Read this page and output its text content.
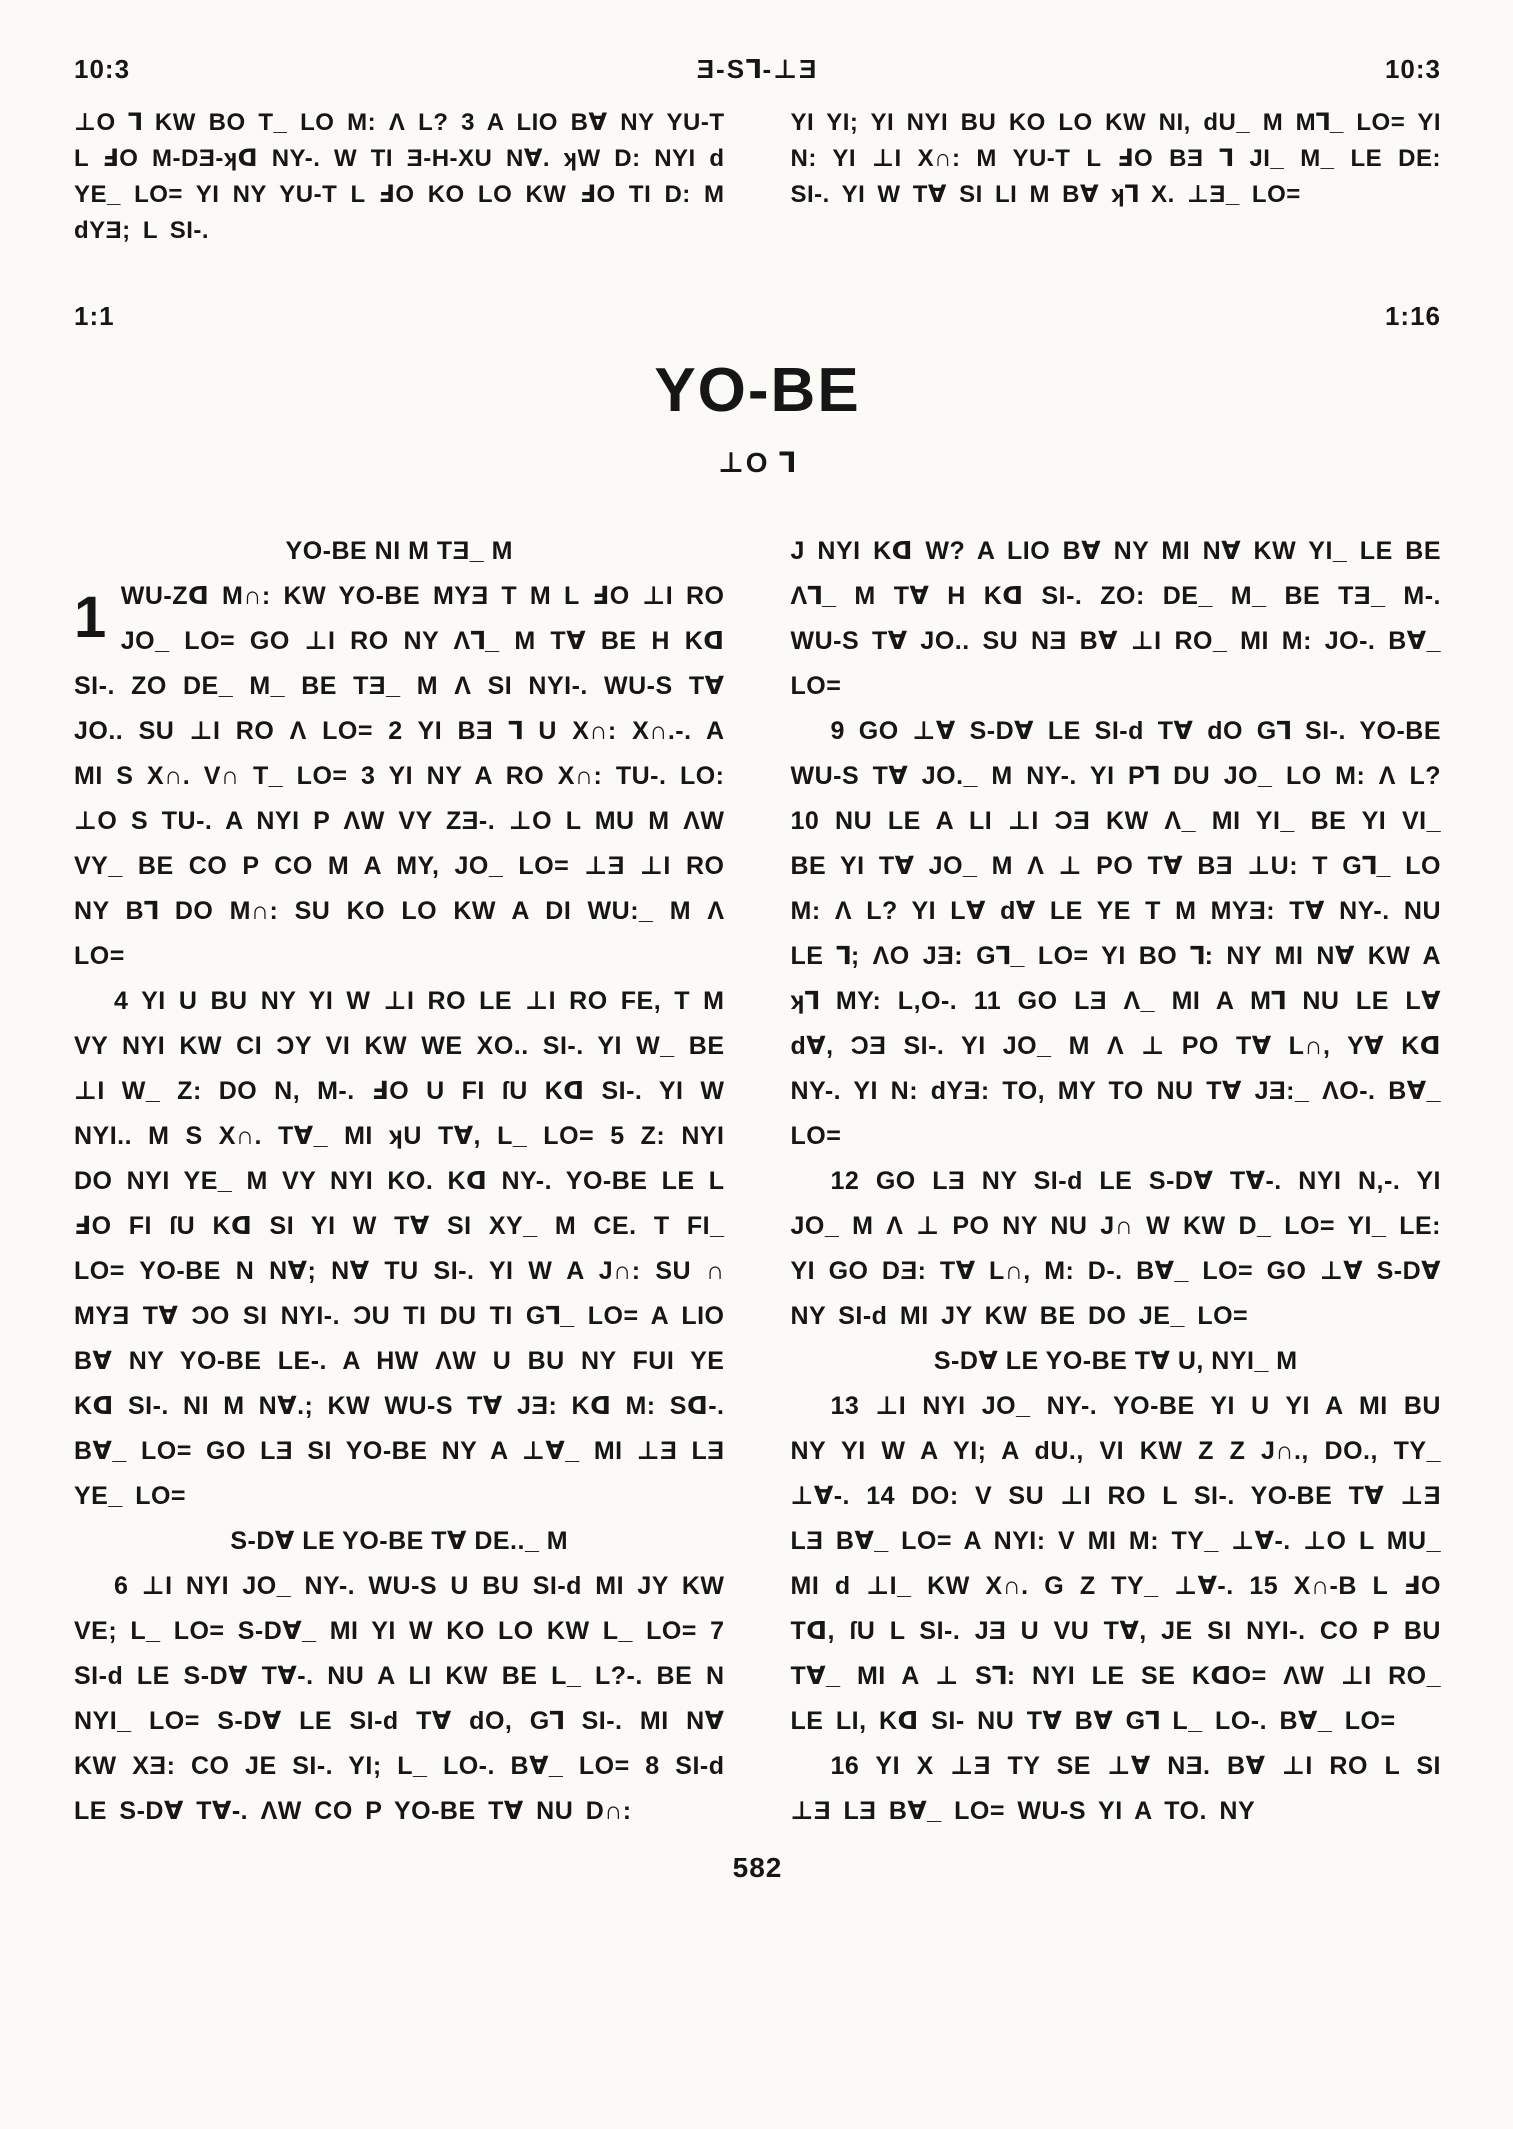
10:3	Ǝ-S⅂-⊥Ǝ	10:3

⊥O ⅂ KW BO T_ LO M: Λ L? 3 A LIO B∀ NY YU-T L ℲO M-DƎ-ʞᗡ NY-. W TI Ǝ-H-XU N∀. ʞW D: NYI d YE_ LO= YI NY YU-T L ℲO KO LO KW ℲO TI D: M dYƎ; L SI-.

YI YI; YI NYI BU KO LO KW NI, dU_ M M⅂_ LO= YI N: YI ⊥I X∩: M YU-T L ℲO BƎ ⅂ JI_ M_ LE DE: SI-. YI W T∀ SI LI M B∀ ʞ⅂ X. ⊥Ǝ_ LO=

1:1	1:16
YO-BE
⊥O ⅂
YO-BE NI M TƎ_ M

1 WU-Zᗡ M∩: KW YO-BE MYƎ T M L ℲO ⊥I RO JO_ LO= GO ⊥I RO NY Λ⅂_ M T∀ BE H Kᗡ SI-. ZO DE_ M_ BE TƎ_ M Λ SI NYI-. WU-S T∀ JO.. SU ⊥I RO Λ LO= 2 YI BƎ ⅂ U X∩: X∩.-. A MI S X∩. V∩ T_ LO= 3 YI NY A RO X∩: TU-. LO: ⊥O S TU-. A NYI P ΛW VY ZƎ-. ⊥O L MU M ΛW VY_ BE CO P CO M A MY, JO_ LO= ⊥Ǝ ⊥I RO NY B⅂ DO M∩: SU KO LO KW A DI WU:_ M Λ LO=

4 YI U BU NY YI W ⊥I RO LE ⊥I RO FE, T M VY NYI KW CI ƆY VI KW WE XO.. SI-. YI W_ BE ⊥I W_ Z: DO N, M-. ℲO U FI ſU Kᗡ SI-. YI W NYI.. M S X∩. T∀_ MI ʞU T∀, L_ LO= 5 Z: NYI DO NYI YE_ M VY NYI KO. Kᗡ NY-. YO-BE LE L ℲO FI ſU Kᗡ SI YI W T∀ SI XY_ M CE. T FI_ LO= YO-BE N N∀; N∀ TU SI-. YI W A J∩: SU ∩ MYƎ T∀ ƆO SI NYI-. ƆU TI DU TI G⅂_ LO= A LIO B∀ NY YO-BE LE-. A HW ΛW U BU NY FUI YE Kᗡ SI-. NI M N∀.; KW WU-S T∀ JƎ: Kᗡ M: Sᗡ-. B∀_ LO= GO LƎ SI YO-BE NY A ⊥∀_ MI ⊥Ǝ LƎ YE_ LO=

S-D∀ LE YO-BE T∀ DE.._ M

6 ⊥I NYI JO_ NY-. WU-S U BU SI-d MI JY KW VE; L_ LO= S-D∀_ MI YI W KO LO KW L_ LO= 7 SI-d LE S-D∀ T∀-. NU A LI KW BE L_ L?-. BE N NYI_ LO= S-D∀ LE SI-d T∀ dO, G⅂ SI-. MI N∀ KW XƎ: CO JE SI-. YI; L_ LO-. B∀_ LO= 8 SI-d LE S-D∀ T∀-. ΛW CO P YO-BE T∀ NU D∩:

J NYI Kᗡ W? A LIO B∀ NY MI N∀ KW YI_ LE BE Λ⅂_ M T∀ H Kᗡ SI-. ZO: DE_ M_ BE TƎ_ M-. WU-S T∀ JO.. SU NƎ B∀ ⊥I RO_ MI M: JO-. B∀_ LO=

9 GO ⊥∀ S-D∀ LE SI-d T∀ dO G⅂ SI-. YO-BE WU-S T∀ JO._ M NY-. YI P⅂ DU JO_ LO M: Λ L? 10 NU LE A LI ⊥I ƆƎ KW Λ_ MI YI_ BE YI VI_ BE YI T∀ JO_ M Λ ⊥ PO T∀ BƎ ⊥U: T G⅂_ LO M: Λ L? YI L∀ d∀ LE YE T M MYƎ: T∀ NY-. NU LE ⅂; ΛO JƎ: G⅂_ LO= YI BO ⅂: NY MI N∀ KW A ʞ⅂ MY: L,O-. 11 GO LƎ Λ_ MI A M⅂ NU LE L∀ d∀, ƆƎ SI-. YI JO_ M Λ ⊥ PO T∀ L∩, Y∀ Kᗡ NY-. YI N: dYƎ: TO, MY TO NU T∀ JƎ:_ ΛO-. B∀_ LO=

12 GO LƎ NY SI-d LE S-D∀ T∀-. NYI N,-. YI JO_ M Λ ⊥ PO NY NU J∩ W KW D_ LO= YI_ LE: YI GO DƎ: T∀ L∩, M: D-. B∀_ LO= GO ⊥∀ S-D∀ NY SI-d MI JY KW BE DO JE_ LO=

S-D∀ LE YO-BE T∀ U, NYI_ M

13 ⊥I NYI JO_ NY-. YO-BE YI U YI A MI BU NY YI W A YI; A dU., VI KW Z Z J∩., DO., TY_ ⊥∀-. 14 DO: V SU ⊥I RO L SI-. YO-BE T∀ ⊥Ǝ LƎ B∀_ LO= A NYI: V MI M: TY_ ⊥∀-. ⊥O L MU_ MI d ⊥I_ KW X∩. G Z TY_ ⊥∀-. 15 X∩-B L ℲO Tᗡ, ſU L SI-. JƎ U VU T∀, JE SI NYI-. CO P BU T∀_ MI A ⊥ S⅂: NYI LE SE KᗡO= ΛW ⊥I RO_ LE LI, Kᗡ SI- NU T∀ B∀ G⅂ L_ LO-. B∀_ LO=

16 YI X ⊥Ǝ TY SE ⊥∀ NƎ. B∀ ⊥I RO L SI ⊥Ǝ LƎ B∀_ LO= WU-S YI A TO. NY

582
